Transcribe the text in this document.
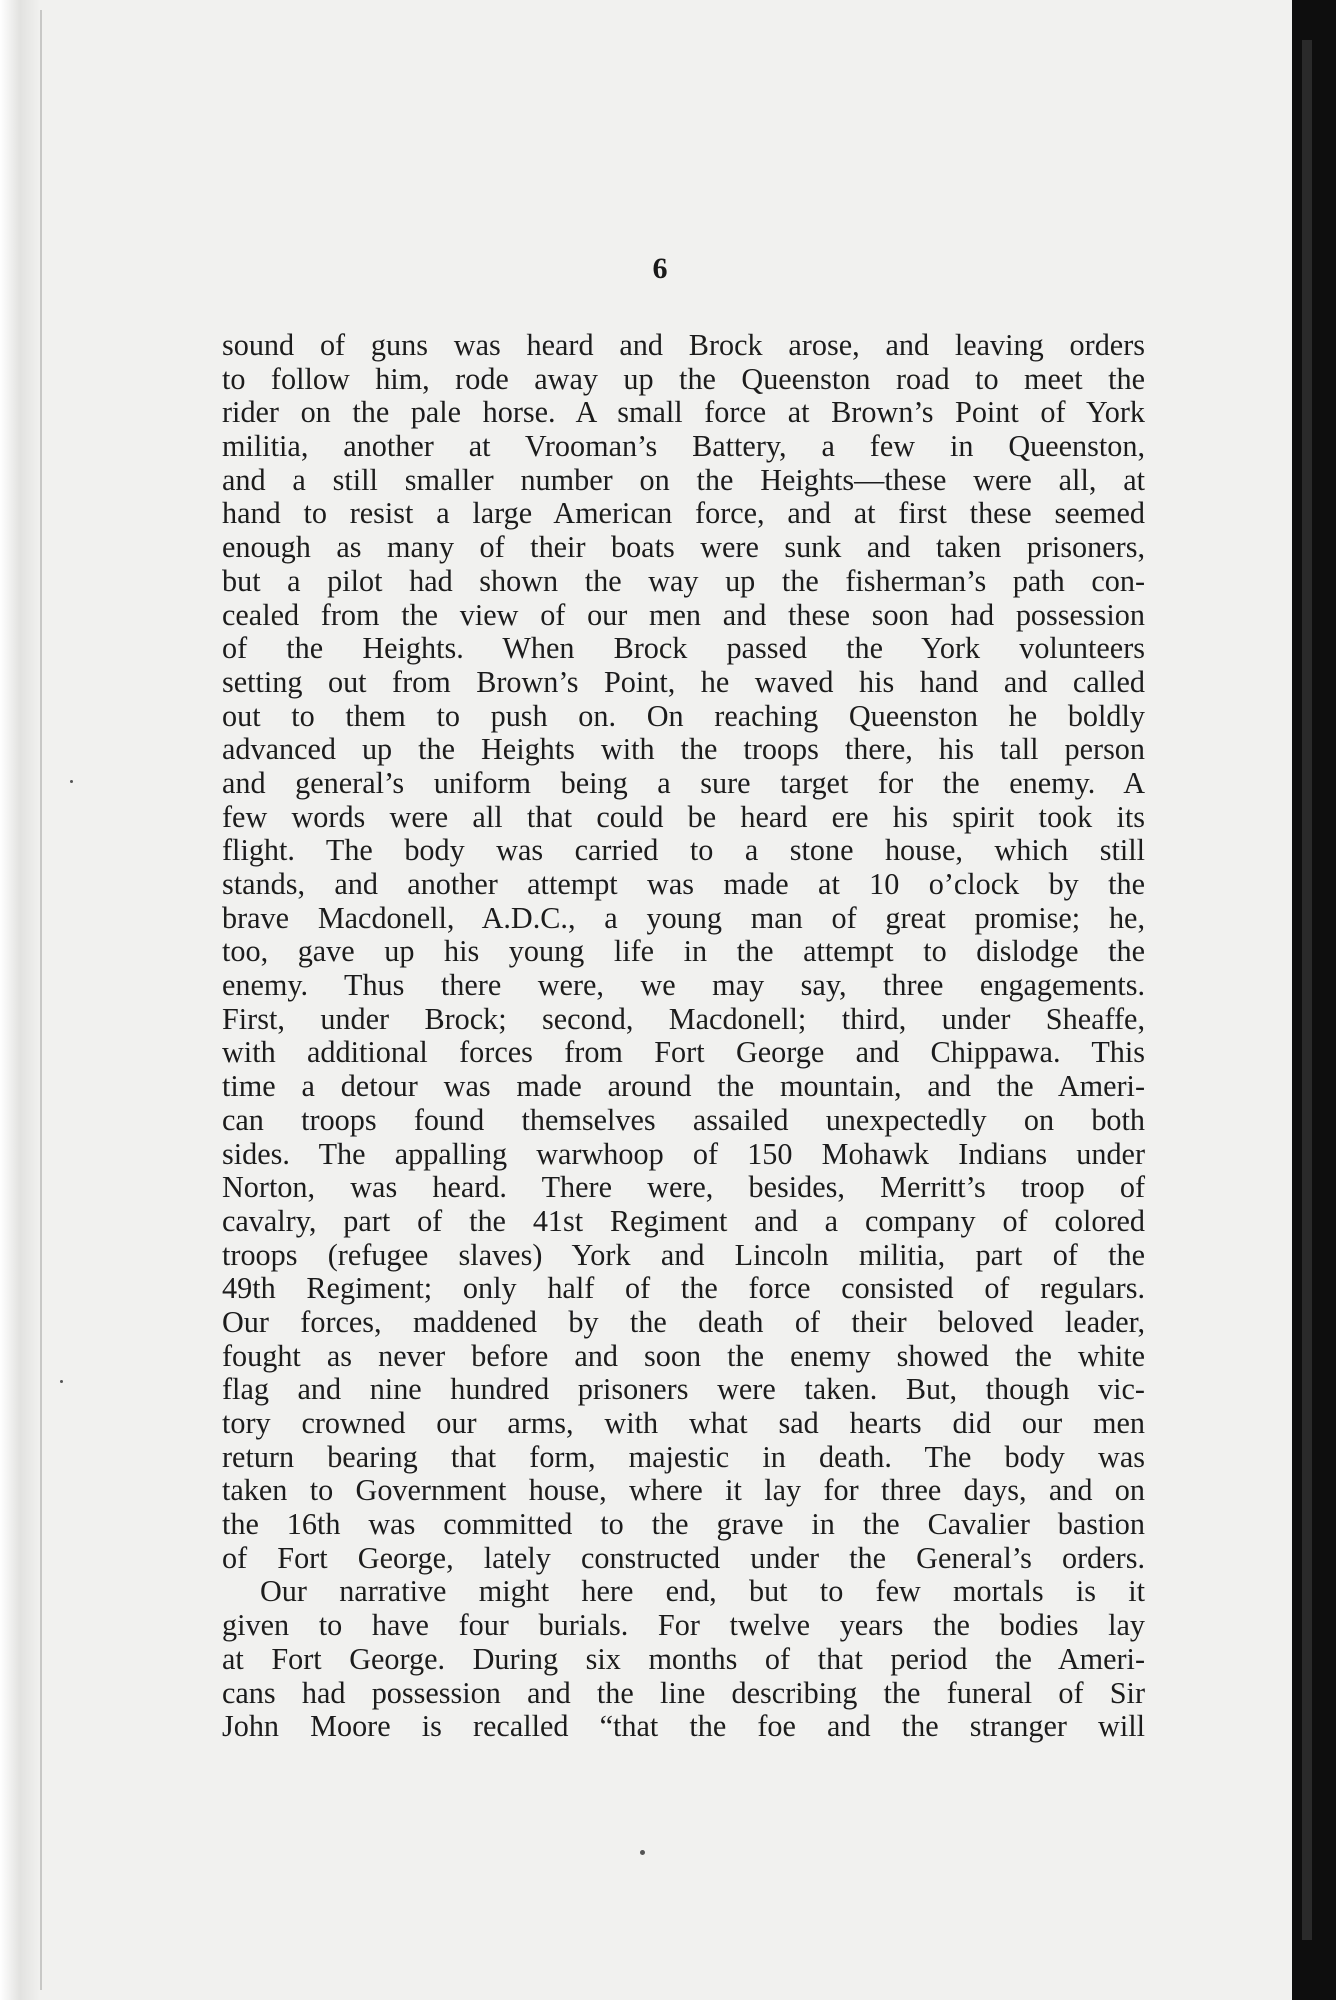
6
sound of guns was heard and Brock arose, and leaving orders
to follow him, rode away up the Queenston road to meet the
rider on the pale horse. A small force at Brown’s Point of York
militia, another at Vrooman’s Battery, a few in Queenston,
and a still smaller number on the Heights—these were all, at
hand to resist a large American force, and at first these seemed
enough as many of their boats were sunk and taken prisoners,
but a pilot had shown the way up the fisherman’s path con-
cealed from the view of our men and these soon had possession
of the Heights. When Brock passed the York volunteers
setting out from Brown’s Point, he waved his hand and called
out to them to push on. On reaching Queenston he boldly
advanced up the Heights with the troops there, his tall person
and general’s uniform being a sure target for the enemy. A
few words were all that could be heard ere his spirit took its
flight. The body was carried to a stone house, which still
stands, and another attempt was made at 10 o’clock by the
brave Macdonell, A.D.C., a young man of great promise; he,
too, gave up his young life in the attempt to dislodge the
enemy. Thus there were, we may say, three engagements.
First, under Brock; second, Macdonell; third, under Sheaffe,
with additional forces from Fort George and Chippawa. This
time a detour was made around the mountain, and the Ameri-
can troops found themselves assailed unexpectedly on both
sides. The appalling warwhoop of 150 Mohawk Indians under
Norton, was heard. There were, besides, Merritt’s troop of
cavalry, part of the 41st Regiment and a company of colored
troops (refugee slaves) York and Lincoln militia, part of the
49th Regiment; only half of the force consisted of regulars.
Our forces, maddened by the death of their beloved leader,
fought as never before and soon the enemy showed the white
flag and nine hundred prisoners were taken. But, though vic-
tory crowned our arms, with what sad hearts did our men
return bearing that form, majestic in death. The body was
taken to Government house, where it lay for three days, and on
the 16th was committed to the grave in the Cavalier bastion
of Fort George, lately constructed under the General’s orders.
Our narrative might here end, but to few mortals is it
given to have four burials. For twelve years the bodies lay
at Fort George. During six months of that period the Ameri-
cans had possession and the line describing the funeral of Sir
John Moore is recalled “that the foe and the stranger will
